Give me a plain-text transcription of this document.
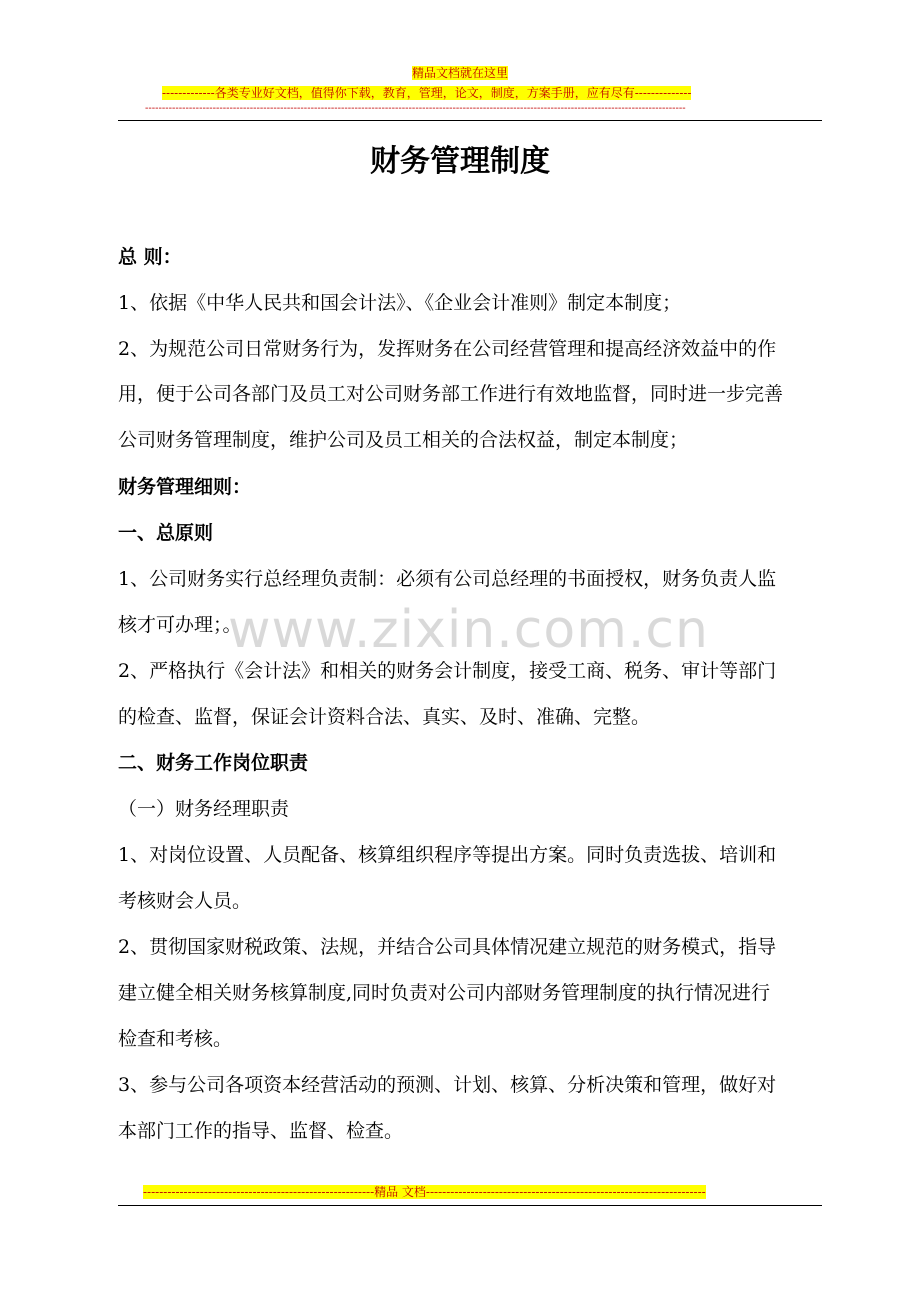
精品文档就在这里
-------------各类专业好文档，值得你下载，教育，管理，论文，制度，方案手册，应有尽有--------------
----------------------------------------------------------------------------------------------------------------------------------------------------------------
财务管理制度
www.zixin.com.cn
总 则：
1、依据《中华人民共和国会计法》、《企业会计准则》制定本制度；
2、为规范公司日常财务行为，发挥财务在公司经营管理和提高经济效益中的作
用，便于公司各部门及员工对公司财务部工作进行有效地监督，同时进一步完善
公司财务管理制度，维护公司及员工相关的合法权益，制定本制度；
财务管理细则：
一、总原则
1、公司财务实行总经理负责制：必须有公司总经理的书面授权，财务负责人监
核才可办理；。
2、严格执行《会计法》和相关的财务会计制度，接受工商、税务、审计等部门
的检查、监督，保证会计资料合法、真实、及时、准确、完整。
二、财务工作岗位职责
（一）财务经理职责
1、对岗位设置、人员配备、核算组织程序等提出方案。同时负责选拔、培训和
考核财会人员。
2、贯彻国家财税政策、法规，并结合公司具体情况建立规范的财务模式，指导
建立健全相关财务核算制度,同时负责对公司内部财务管理制度的执行情况进行
检查和考核。
3、参与公司各项资本经营活动的预测、计划、核算、分析决策和管理，做好对
本部门工作的指导、监督、检查。
---------------------------------------------------------精品 文档---------------------------------------------------------------------
